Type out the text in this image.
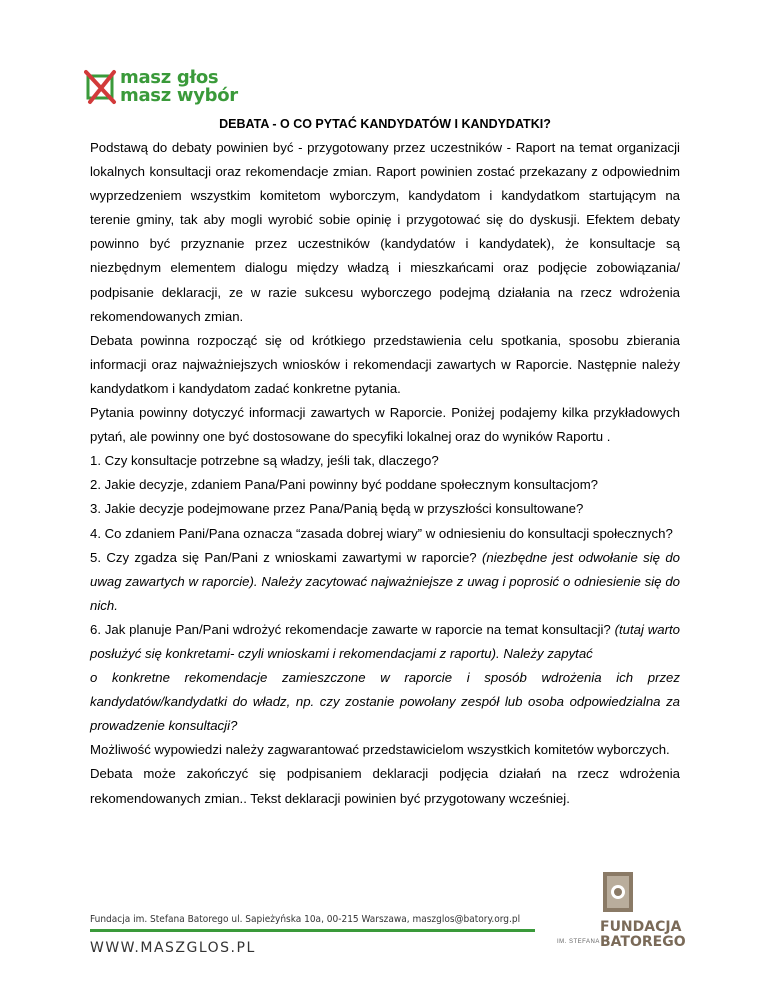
masz głos
masz wybór
DEBATA - O CO PYTAĆ KANDYDATÓW I KANDYDATKI?

Podstawą do debaty powinien być - przygotowany przez uczestników - Raport na temat organizacji lokalnych konsultacji oraz rekomendacje zmian. Raport powinien zostać przekazany z odpowiednim wyprzedzeniem wszystkim komitetom wyborczym, kandydatom i kandydatkom startującym na terenie gminy, tak aby mogli wyrobić sobie opinię i przygotować się do dyskusji. Efektem debaty powinno być przyznanie przez uczestników (kandydatów i kandydatek), że konsultacje są niezbędnym elementem dialogu między władzą i mieszkańcami oraz podjęcie zobowiązania/ podpisanie deklaracji, ze w razie sukcesu wyborczego podejmą działania na rzecz wdrożenia rekomendowanych zmian.

Debata powinna rozpocząć się od krótkiego przedstawienia celu spotkania, sposobu zbierania informacji oraz najważniejszych wniosków i rekomendacji zawartych w Raporcie. Następnie należy kandydatkom i kandydatom zadać konkretne pytania.

Pytania powinny dotyczyć informacji zawartych w Raporcie. Poniżej podajemy kilka przykładowych pytań, ale powinny one być dostosowane do specyfiki lokalnej oraz do wyników Raportu .

1. Czy konsultacje potrzebne są władzy, jeśli tak, dlaczego?

2. Jakie decyzje, zdaniem Pana/Pani powinny być poddane społecznym konsultacjom?

3. Jakie decyzje podejmowane przez Pana/Panią będą w przyszłości konsultowane?

4. Co zdaniem Pani/Pana oznacza “zasada dobrej wiary” w odniesieniu do konsultacji społecznych?

5. Czy zgadza się Pan/Pani z wnioskami zawartymi w raporcie? (niezbędne jest odwołanie się do uwag zawartych w raporcie). Należy zacytować najważniejsze z uwag i poprosić o odniesienie się do nich.

6. Jak planuje Pan/Pani wdrożyć rekomendacje zawarte w raporcie na temat konsultacji? (tutaj warto posłużyć się konkretami- czyli wnioskami i rekomendacjami z raportu). Należy zapytać

o konkretne rekomendacje zamieszczone w raporcie i sposób wdrożenia ich przez kandydatów/kandydatki do władz, np. czy zostanie powołany zespół lub osoba odpowiedzialna za prowadzenie konsultacji?

Możliwość wypowiedzi należy zagwarantować przedstawicielom wszystkich komitetów wyborczych.

Debata może zakończyć się podpisaniem deklaracji podjęcia działań na rzecz wdrożenia rekomendowanych zmian.. Tekst deklaracji powinien być przygotowany wcześniej.

Fundacja im. Stefana Batorego ul. Sapieżyńska 10a, 00-215 Warszawa, maszglos@batory.org.pl
WWW.MASZGLOS.PL	IM. STEFANA
FUNDACJA
BATOREGO
